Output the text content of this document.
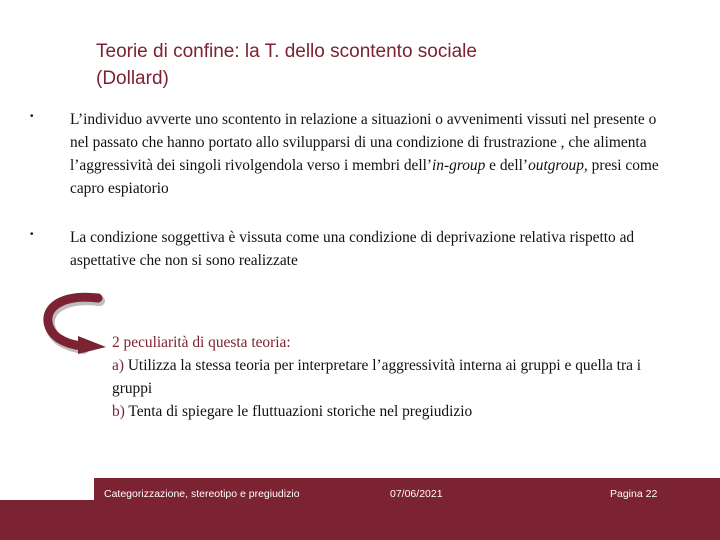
Teorie di confine: la T. dello scontento sociale
(Dollard)
•	L’individuo avverte uno scontento in relazione a situazioni o avvenimenti vissuti nel presente o nel passato che hanno portato allo svilupparsi di una condizione di frustrazione , che alimenta l’aggressività dei singoli rivolgendola verso i membri dell’in-group e dell’outgroup, presi come capro espiatorio
•	La condizione soggettiva è vissuta come una condizione di deprivazione relativa rispetto ad aspettative che non si sono realizzate
2 peculiarità di questa teoria:
a) Utilizza la stessa teoria per interpretare l’aggressività interna ai gruppi e quella tra i gruppi
b) Tenta di spiegare le fluttuazioni storiche nel pregiudizio
Categorizzazione, stereotipo e pregiudizio	07/06/2021	Pagina 22
